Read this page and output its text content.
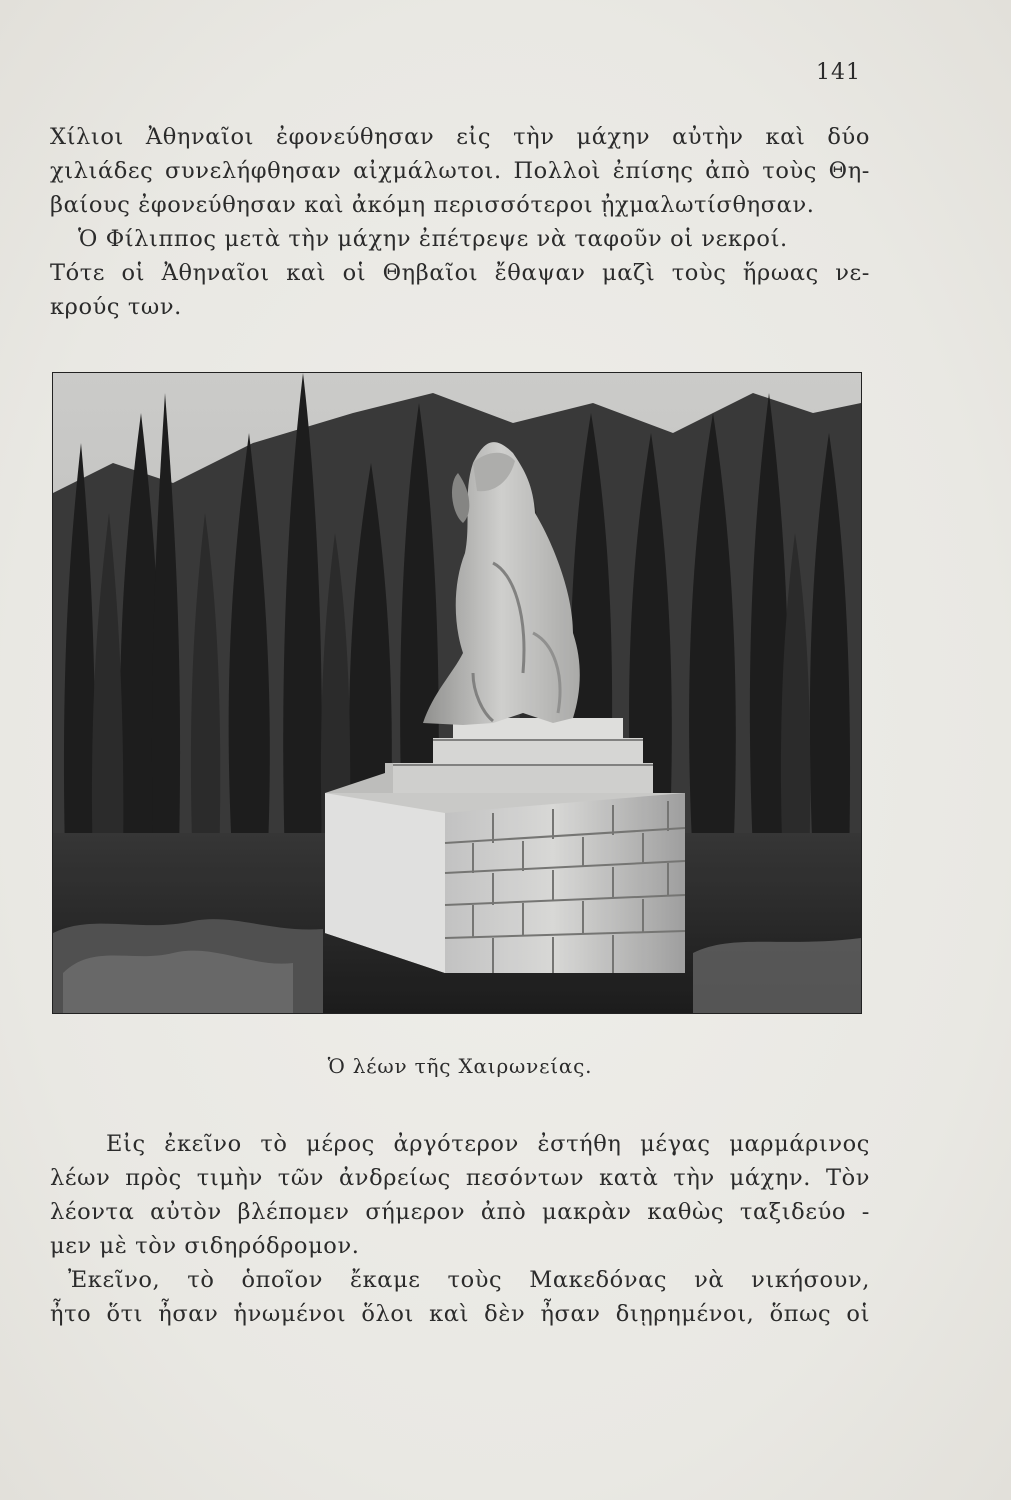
141
Χίλιοι Ἀθηναῖοι ἐφονεύθησαν εἰς τὴν μάχην αὐτὴν καὶ δύο
χιλιάδες συνελήφθησαν αἰχμάλωτοι. Πολλοὶ ἐπίσης ἀπὸ τοὺς Θη-
βαίους ἐφονεύθησαν καὶ ἀκόμη περισσότεροι ᾐχμαλωτίσθησαν.
Ὁ Φίλιππος μετὰ τὴν μάχην ἐπέτρεψε νὰ ταφοῦν οἱ νεκροί.
Τότε οἱ Ἀθηναῖοι καὶ οἱ Θηβαῖοι ἔθαψαν μαζὶ τοὺς ἥρωας νε-
κρούς των.
Ὁ λέων τῆς Χαιρωνείας.
Εἰς ἐκεῖνο τὸ μέρος ἀργότερον ἐστήθη μέγας μαρμάρινος
λέων πρὸς τιμὴν τῶν ἀνδρείως πεσόντων κατὰ τὴν μάχην. Τὸν
λέοντα αὐτὸν βλέπομεν σήμερον ἀπὸ μακρὰν καθὼς ταξιδεύο -
μεν μὲ τὸν σιδηρόδρομον.
Ἐκεῖνο, τὸ ὁποῖον ἔκαμε τοὺς Μακεδόνας νὰ νικήσουν,
ἦτο ὅτι ἦσαν ἡνωμένοι ὅλοι καὶ δὲν ἦσαν διῃρημένοι, ὅπως οἱ
